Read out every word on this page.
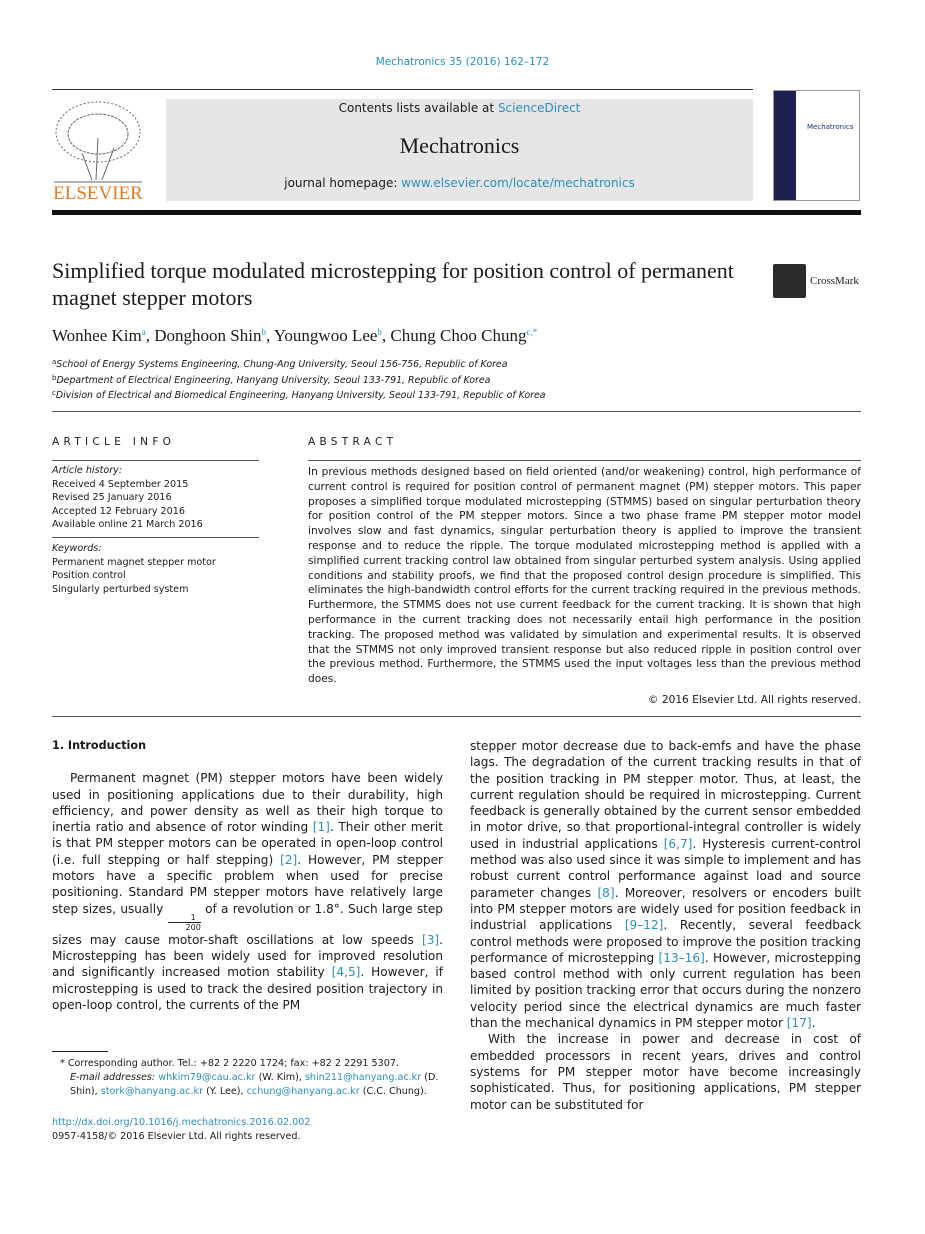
Mechatronics 35 (2016) 162–172
ELSEVIER
Contents lists available at ScienceDirect
Mechatronics
journal homepage: www.elsevier.com/locate/mechatronics
Mechatronics
Simplified torque modulated microstepping for position control of permanent magnet stepper motors
CrossMark
Wonhee Kim$^a$, Donghoon Shin$^b$, Youngwoo Lee$^b$, Chung Choo Chung$^{c,*}$
$^a$School of Energy Systems Engineering, Chung-Ang University, Seoul 156-756, Republic of Korea
$^b$Department of Electrical Engineering, Hanyang University, Seoul 133-791, Republic of Korea
$^c$Division of Electrical and Biomedical Engineering, Hanyang University, Seoul 133-791, Republic of Korea
ARTICLE INFO
Article history:
Received 4 September 2015
Revised 25 January 2016
Accepted 12 February 2016
Available online 21 March 2016
Keywords:
Permanent magnet stepper motor
Position control
Singularly perturbed system
ABSTRACT
In previous methods designed based on field oriented (and/or weakening) control, high performance of current control is required for position control of permanent magnet (PM) stepper motors. This paper proposes a simplified torque modulated microstepping (STMMS) based on singular perturbation theory for position control of the PM stepper motors. Since a two phase frame PM stepper motor model involves slow and fast dynamics, singular perturbation theory is applied to improve the transient response and to reduce the ripple. The torque modulated microstepping method is applied with a simplified current tracking control law obtained from singular perturbed system analysis. Using applied conditions and stability proofs, we find that the proposed control design procedure is simplified. This eliminates the high-bandwidth control efforts for the current tracking required in the previous methods. Furthermore, the STMMS does not use current feedback for the current tracking. It is shown that high performance in the current tracking does not necessarily entail high performance in the position tracking. The proposed method was validated by simulation and experimental results. It is observed that the STMMS not only improved transient response but also reduced ripple in position control over the previous method. Furthermore, the STMMS used the input voltages less than the previous method does.
© 2016 Elsevier Ltd. All rights reserved.
1. Introduction

Permanent magnet (PM) stepper motors have been widely used in positioning applications due to their durability, high efficiency, and power density as well as their high torque to inertia ratio and absence of rotor winding [1]. Their other merit is that PM stepper motors can be operated in open-loop control (i.e. full stepping or half stepping) [2]. However, PM stepper motors have a specific problem when used for precise positioning. Standard PM stepper motors have relatively large step sizes, usually
$\frac{1}{200}$
of a revolution or 1.8°. Such large step sizes may cause motor-shaft oscillations at low speeds [3]. Microstepping has been widely used for improved resolution and significantly increased motion stability [4,5]. However, if microstepping is used to track the desired position trajectory in open-loop control, the currents of the PM

stepper motor decrease due to back-emfs and have the phase lags. The degradation of the current tracking results in that of the position tracking in PM stepper motor. Thus, at least, the current regulation should be required in microstepping. Current feedback is generally obtained by the current sensor embedded in motor drive, so that proportional-integral controller is widely used in industrial applications [6,7]. Hysteresis current-control method was also used since it was simple to implement and has robust current control performance against load and source parameter changes [8]. Moreover, resolvers or encoders built into PM stepper motors are widely used for position feedback in industrial applications [9–12]. Recently, several feedback control methods were proposed to improve the position tracking performance of microstepping [13–16]. However, microstepping based control method with only current regulation has been limited by position tracking error that occurs during the nonzero velocity period since the electrical dynamics are much faster than the mechanical dynamics in PM stepper motor [17].

With the increase in power and decrease in cost of embedded processors in recent years, drives and control systems for PM stepper motor have become increasingly sophisticated. Thus, for positioning applications, PM stepper motor can be substituted for

* Corresponding author. Tel.: +82 2 2220 1724; fax: +82 2 2291 5307.
E-mail addresses: whkim79@cau.ac.kr (W. Kim), shin211@hanyang.ac.kr (D. Shin), stork@hanyang.ac.kr (Y. Lee), cchung@hanyang.ac.kr (C.C. Chung).
http://dx.doi.org/10.1016/j.mechatronics.2016.02.002
0957-4158/© 2016 Elsevier Ltd. All rights reserved.
